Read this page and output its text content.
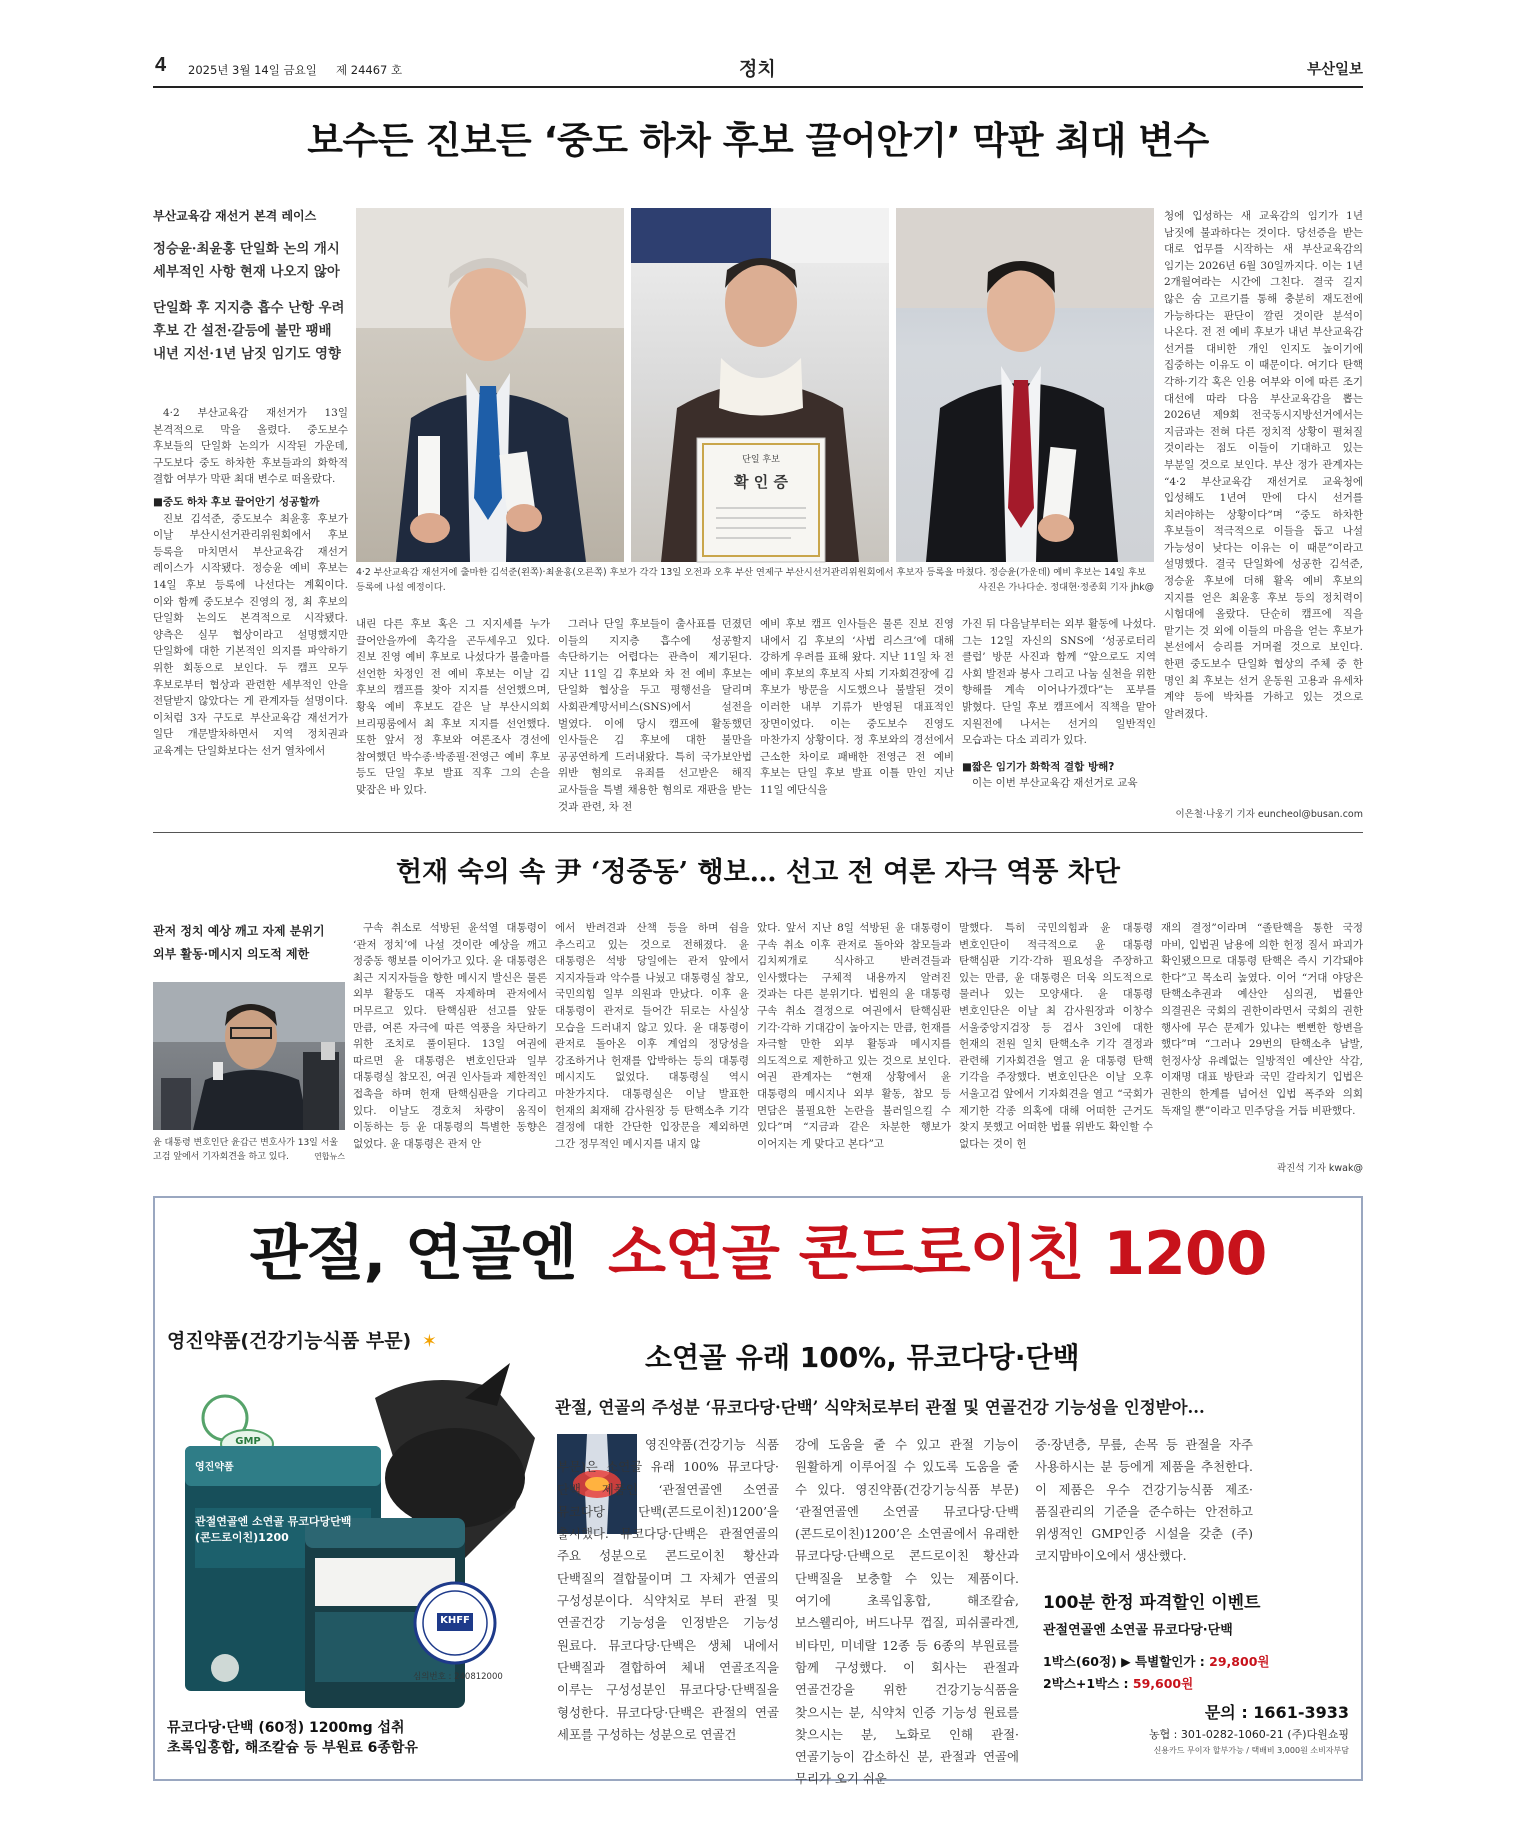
4 2025년 3월 14일 금요일 제 24467 호	정치	부산일보
보수든 진보든 ‘중도 하차 후보 끌어안기’ 막판 최대 변수
부산교육감 재선거 본격 레이스
정승윤·최윤홍 단일화 논의 개시
세부적인 사항 현재 나오지 않아
단일화 후 지지층 흡수 난항 우려
후보 간 설전·갈등에 불만 팽배
내년 지선·1년 남짓 임기도 영향
단일 후보
확 인 증
4·2 부산교육감 재선거에 출마한 김석준(왼쪽)·최윤홍(오른쪽) 후보가 각각 13일 오전과 오후 부산 연제구 부산시선거관리위원회에서 후보자 등록을 마쳤다. 정승윤(가운데) 예비 후보는 14일 후보 등록에 나설 예정이다.	사진은 가나다순. 정대현·정종회 기자 jhk@

4·2 부산교육감 재선거가 13일 본격적으로 막을 올렸다. 중도보수 후보들의 단일화 논의가 시작된 가운데, 구도보다 중도 하차한 후보들과의 화학적 결합 여부가 막판 최대 변수로 떠올랐다.

■중도 하차 후보 끌어안기 성공할까

진보 김석준, 중도보수 최윤홍 후보가 이날 부산시선거관리위원회에서 후보 등록을 마치면서 부산교육감 재선거 레이스가 시작됐다. 정승윤 예비 후보는 14일 후보 등록에 나선다는 계획이다. 이와 함께 중도보수 진영의 정, 최 후보의 단일화 논의도 본격적으로 시작됐다. 양측은 실무 협상이라고 설명했지만 단일화에 대한 기본적인 의지를 파악하기 위한 회동으로 보인다. 두 캠프 모두 후보로부터 협상과 관련한 세부적인 안을 전달받지 않았다는 게 관계자들 설명이다. 이처럼 3자 구도로 부산교육감 재선거가 일단 개문발차하면서 지역 정치권과 교육계는 단일화보다는 선거 열차에서

내린 다른 후보 혹은 그 지지세를 누가 끌어안을까에 촉각을 곤두세우고 있다. 진보 진영 예비 후보로 나섰다가 불출마를 선언한 차정인 전 예비 후보는 이날 김 후보의 캠프를 찾아 지지를 선언했으며, 황욱 예비 후보도 같은 날 부산시의회 브리핑룸에서 최 후보 지지를 선언했다. 또한 앞서 정 후보와 여론조사 경선에 참여했던 박수종·박종필·전영근 예비 후보 등도 단일 후보 발표 직후 그의 손을 맞잡은 바 있다.

그러나 단일 후보들이 출사표를 던졌던 이들의 지지층 흡수에 성공할지 속단하기는 어렵다는 관측이 제기된다. 지난 11일 김 후보와 차 전 예비 후보는 단일화 협상을 두고 평행선을 달리며 사회관계망서비스(SNS)에서 설전을 벌였다. 이에 당시 캠프에 활동했던 인사들은 김 후보에 대한 불만을 공공연하게 드러내왔다. 특히 국가보안법 위반 혐의로 유죄를 선고받은 해직 교사들을 특별 채용한 혐의로 재판을 받는 것과 관련, 차 전

예비 후보 캠프 인사들은 물론 진보 진영 내에서 김 후보의 ‘사법 리스크’에 대해 강하게 우려를 표해 왔다. 지난 11일 차 전 예비 후보의 후보직 사퇴 기자회견장에 김 후보가 방문을 시도했으나 불발된 것이 이러한 내부 기류가 반영된 대표적인 장면이었다. 이는 중도보수 진영도 마찬가지 상황이다. 정 후보와의 경선에서 근소한 차이로 패배한 전영근 전 예비 후보는 단일 후보 발표 이틀 만인 지난 11일 예단식을

가진 뒤 다음날부터는 외부 활동에 나섰다. 그는 12일 자신의 SNS에 ‘성공로터리 클럽’ 방문 사진과 함께 “앞으로도 지역 사회 발전과 봉사 그리고 나눔 실천을 위한 향해를 계속 이어나가겠다”는 포부를 밝혔다. 단일 후보 캠프에서 직책을 맡아 지원전에 나서는 선거의 일반적인 모습과는 다소 괴리가 있다.

■짧은 임기가 화학적 결합 방해?

이는 이번 부산교육감 재선거로 교육

청에 입성하는 새 교육감의 임기가 1년 남짓에 불과하다는 것이다. 당선증을 받는 대로 업무를 시작하는 새 부산교육감의 임기는 2026년 6월 30일까지다. 이는 1년 2개월여라는 시간에 그친다. 결국 길지 않은 숨 고르기를 통해 충분히 재도전에 가능하다는 판단이 깔린 것이란 분석이 나온다. 전 전 예비 후보가 내년 부산교육감 선거를 대비한 개인 인지도 높이기에 집중하는 이유도 이 때문이다. 여기다 탄핵 각하·기각 혹은 인용 여부와 이에 따른 조기 대선에 따라 다음 부산교육감을 뽑는 2026년 제9회 전국동시지방선거에서는 지금과는 전혀 다른 정치적 상황이 펼쳐질 것이라는 점도 이들이 기대하고 있는 부분일 것으로 보인다. 부산 정가 관계자는 “4·2 부산교육감 재선거로 교육청에 입성해도 1년여 만에 다시 선거를 치러야하는 상황이다”며 “중도 하차한 후보들이 적극적으로 이들을 돕고 나설 가능성이 낮다는 이유는 이 때문”이라고 설명했다. 결국 단일화에 성공한 김석준, 정승윤 후보에 더해 활옥 예비 후보의 지지를 얻은 최윤홍 후보 등의 정치력이 시험대에 올랐다. 단순히 캠프에 직을 맡기는 것 외에 이들의 마음을 얻는 후보가 본선에서 승리를 거머쥘 것으로 보인다. 한편 중도보수 단일화 협상의 주체 중 한 명인 최 후보는 선거 운동원 고용과 유세차 계약 등에 박차를 가하고 있는 것으로 알려졌다.

이은철·나웅기 기자 euncheol@busan.com
헌재 숙의 속 尹 ‘정중동’ 행보… 선고 전 여론 자극 역풍 차단
관저 정치 예상 깨고 자제 분위기
외부 활동·메시지 의도적 제한
윤 대통령 변호인단 윤갑근 변호사가 13일 서울고검 앞에서 기자회견을 하고 있다.	연합뉴스

구속 취소로 석방된 윤석열 대통령이 ‘관저 정치’에 나설 것이란 예상을 깨고 정중동 행보를 이어가고 있다. 윤 대통령은 최근 지지자들을 향한 메시지 발신은 물론 외부 활동도 대폭 자제하며 관저에서 머무르고 있다. 탄핵심판 선고를 앞둔 만큼, 여론 자극에 따른 역풍을 차단하기 위한 조치로 풀이된다. 13일 여권에 따르면 윤 대통령은 변호인단과 일부 대통령실 참모진, 여권 인사들과 제한적인 접촉을 하며 헌재 탄핵심판을 기다리고 있다. 이날도 경호처 차량이 움직이 이동하는 등 윤 대통령의 특별한 동향은 없었다. 윤 대통령은 관저 안

에서 반려견과 산책 등을 하며 쉼을 추스리고 있는 것으로 전해졌다. 윤 대통령은 석방 당일에는 관저 앞에서 지지자들과 악수를 나눴고 대통령실 참모, 국민의힘 일부 의원과 만났다. 이후 윤 대통령이 관저로 들어간 뒤로는 사실상 모습을 드러내지 않고 있다. 윤 대통령이 관저로 돌아온 이후 계엄의 정당성을 강조하거나 헌재를 압박하는 등의 대통령 메시지도 없었다. 대통령실 역시 마찬가지다. 대통령실은 이날 발표한 헌재의 최재해 감사원장 등 탄핵소추 기각 결정에 대한 간단한 입장문을 제외하면 그간 정무적인 메시지를 내지 않

았다. 앞서 지난 8일 석방된 윤 대통령이 구속 취소 이후 관저로 돌아와 참모들과 김치찌개로 식사하고 반려견들과 인사했다는 구체적 내용까지 알려진 것과는 다른 분위기다. 법원의 윤 대통령 구속 취소 결정으로 여권에서 탄핵심판 기각·각하 기대감이 높아지는 만큼, 헌재를 자극할 만한 외부 활동과 메시지를 의도적으로 제한하고 있는 것으로 보인다. 여권 관계자는 “현재 상황에서 윤 대통령의 메시지나 외부 활동, 참모 등 면담은 불필요한 논란을 불러일으킬 수 있다”며 “지금과 같은 차분한 행보가 이어지는 게 맞다고 본다”고

말했다. 특히 국민의힘과 윤 대통령 변호인단이 적극적으로 윤 대통령 탄핵심판 기각·각하 필요성을 주장하고 있는 만큼, 윤 대통령은 더욱 의도적으로 물러나 있는 모양새다. 윤 대통령 변호인단은 이날 최 감사원장과 이창수 서울중앙지검장 등 검사 3인에 대한 헌재의 전원 일치 탄핵소추 기각 결정과 관련해 기자회견을 열고 윤 대통령 탄핵 기각을 주장했다. 변호인단은 이날 오후 서울고검 앞에서 기자회견을 열고 “국회가 제기한 각종 의혹에 대해 어떠한 근거도 찾지 못했고 어떠한 법률 위반도 확인할 수 없다는 것이 헌

재의 결정”이라며 “졸탄핵을 통한 국정 마비, 입법권 남용에 의한 헌정 질서 파괴가 확인됐으므로 대통령 탄핵은 즉시 기각돼야 한다”고 목소리 높였다. 이어 “거대 야당은 탄핵소추권과 예산안 심의권, 법률안 의결권은 국회의 권한이라면서 국회의 권한 행사에 무슨 문제가 있냐는 뻔뻔한 항변을 했다”며 “그러나 29번의 탄핵소추 남발, 헌정사상 유례없는 일방적인 예산안 삭감, 이재명 대표 방탄과 국민 갈라치기 입법은 권한의 한계를 넘어선 입법 폭주와 의회 독재일 뿐”이라고 민주당을 거듭 비판했다.

곽진석 기자 kwak@
관절, 연골엔 소연골 콘드로이친 1200
영진약품(건강기능식품 부문) ✶	소연골 유래 100%, 뮤코다당·단백
관절, 연골의 주성분 ‘뮤코다당·단백’ 식약처로부터 관절 및 연골건강 기능성을 인정받아...
영진약품
관절연골엔 소연골 뮤코다당단백
(콘드로이친)1200
GMP
KHFF
심의번호 : 240812000
뮤코다당·단백 (60정) 1200mg 섭취
초록입홍합, 해조칼슘 등 부원료 6종함유

영진약품(건강기능 식품 부문)은 소연골 유래 100% 뮤코다당·단백 제품인 ‘관절연골엔 소연골 뮤코다당 단백(콘드로이친)1200’을 출시했다. 뮤코다당·단백은 관절연골의 주요 성분으로 콘드로이친 황산과 단백질의 결합물이며 그 자체가 연골의 구성성분이다. 식약처로 부터 관절 및 연골건강 기능성을 인정받은 기능성 원료다. 뮤코다당·단백은 생체 내에서 단백질과 결합하여 체내 연골조직을 이루는 구성성분인 뮤코다당·단백질을 형성한다. 뮤코다당·단백은 관절의 연골 세포를 구성하는 성분으로 연골건

강에 도움을 줄 수 있고 관절 기능이 원활하게 이루어질 수 있도록 도움을 줄 수 있다. 영진약품(건강기능식품 부문) ‘관절연골엔 소연골 뮤코다당·단백(콘드로이친)1200’은 소연골에서 유래한 뮤코다당·단백으로 콘드로이친 황산과 단백질을 보충할 수 있는 제품이다. 여기에 초록입홍합, 해조칼슘, 보스웰리아, 버드나무 껍질, 피쉬콜라겐, 비타민, 미네랄 12종 등 6종의 부원료를 함께 구성했다. 이 회사는 관절과 연골건강을 위한 건강기능식품을 찾으시는 분, 식약처 인증 기능성 원료를 찾으시는 분, 노화로 인해 관절·연골기능이 감소하신 분, 관절과 연골에 무리가 오기 쉬운

중·장년층, 무릎, 손목 등 관절을 자주 사용하시는 분 등에게 제품을 추천한다. 이 제품은 우수 건강기능식품 제조·품질관리의 기준을 준수하는 안전하고 위생적인 GMP인증 시설을 갖춘 (주)코지맘바이오에서 생산했다.

100분 한정 파격할인 이벤트
관절연골엔 소연골 뮤코다당·단백
1박스(60정) ▶ 특별할인가 : 29,800원
2박스+1박스 : 59,600원
문의 : 1661-3933
농협 : 301-0282-1060-21 (주)다원쇼핑
신용카드 무이자 할부가능 / 택배비 3,000원 소비자부담
